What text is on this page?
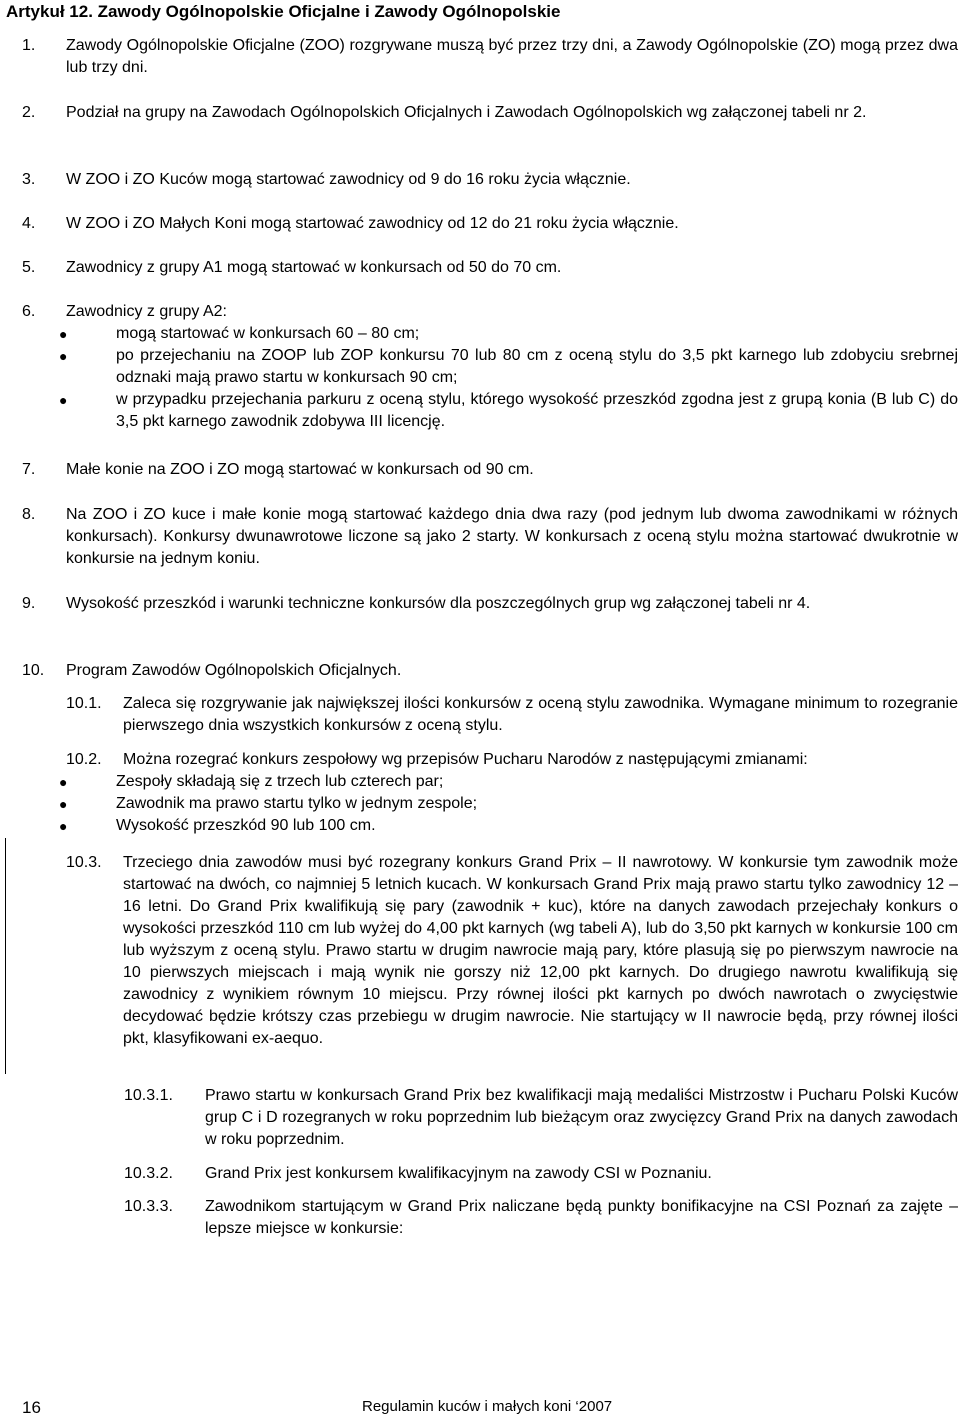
Artykuł 12. Zawody Ogólnopolskie Oficjalne i Zawody Ogólnopolskie
1. Zawody Ogólnopolskie Oficjalne (ZOO) rozgrywane muszą być przez trzy dni, a Zawody Ogólnopolskie (ZO) mogą przez dwa lub trzy dni.
2. Podział na grupy na Zawodach Ogólnopolskich Oficjalnych i Zawodach Ogólnopolskich wg załączonej tabeli nr 2.
3. W ZOO i ZO Kuców mogą startować zawodnicy od 9 do 16 roku życia włącznie.
4. W ZOO i ZO Małych Koni mogą startować zawodnicy od 12 do 21 roku życia włącznie.
5. Zawodnicy z grupy A1 mogą startować w konkursach od 50 do 70 cm.
6. Zawodnicy z grupy A2:
●	mogą startować w konkursach 60 – 80 cm;
●	po przejechaniu na ZOOP lub ZOP konkursu 70 lub 80 cm z oceną stylu do 3,5 pkt karnego lub zdobyciu srebrnej odznaki mają prawo startu w konkursach 90 cm;
●	w przypadku przejechania parkuru z oceną stylu, którego wysokość przeszkód zgodna jest z grupą konia (B lub C) do 3,5 pkt karnego zawodnik zdobywa III licencję.
7. Małe konie na ZOO i ZO mogą startować w konkursach od 90 cm.
8. Na ZOO i ZO kuce i małe konie mogą startować każdego dnia dwa razy (pod jednym lub dwoma zawodnikami w różnych konkursach). Konkursy dwunawrotowe liczone są jako 2 starty. W konkursach z oceną stylu można startować dwukrotnie w konkursie na jednym koniu.
9. Wysokość przeszkód i warunki techniczne konkursów dla poszczególnych grup wg załączonej tabeli nr 4.
10. Program Zawodów Ogólnopolskich Oficjalnych.
10.1. Zaleca się rozgrywanie jak największej ilości konkursów z oceną stylu zawodnika. Wymagane minimum to rozegranie pierwszego dnia wszystkich konkursów z oceną stylu.
10.2. Można rozegrać konkurs zespołowy wg przepisów Pucharu Narodów z następującymi zmianami:
●	Zespoły składają się z trzech lub czterech par;
●	Zawodnik ma prawo startu tylko w jednym zespole;
●	Wysokość przeszkód 90 lub 100 cm.
10.3. Trzeciego dnia zawodów musi być rozegrany konkurs Grand Prix – II nawrotowy. W konkursie tym zawodnik może startować na dwóch, co najmniej 5 letnich kucach. W konkursach Grand Prix mają prawo startu tylko zawodnicy 12 – 16 letni. Do Grand Prix kwalifikują się pary (zawodnik + kuc), które na danych zawodach przejechały konkurs o wysokości przeszkód 110 cm lub wyżej do 4,00 pkt karnych (wg tabeli A), lub do 3,50 pkt karnych w konkursie 100 cm lub wyższym z oceną stylu. Prawo startu w drugim nawrocie mają pary, które plasują się po pierwszym nawrocie na 10 pierwszych miejscach i mają wynik nie gorszy niż 12,00 pkt karnych. Do drugiego nawrotu kwalifikują się zawodnicy z wynikiem równym 10 miejscu. Przy równej ilości pkt karnych po dwóch nawrotach o zwycięstwie decydować będzie krótszy czas przebiegu w drugim nawrocie. Nie startujący w II nawrocie będą, przy równej ilości pkt, klasyfikowani ex-aequo.
10.3.1. Prawo startu w konkursach Grand Prix bez kwalifikacji mają medaliści Mistrzostw i Pucharu Polski Kuców grup C i D rozegranych w roku poprzednim lub bieżącym oraz zwycięzcy Grand Prix na danych zawodach w roku poprzednim.
10.3.2. Grand Prix jest konkursem kwalifikacyjnym na zawody CSI w Poznaniu.
10.3.3. Zawodnikom startującym w Grand Prix naliczane będą punkty bonifikacyjne na CSI Poznań za zajęte – lepsze miejsce w konkursie:
16	Regulamin kuców i małych koni ‘2007
